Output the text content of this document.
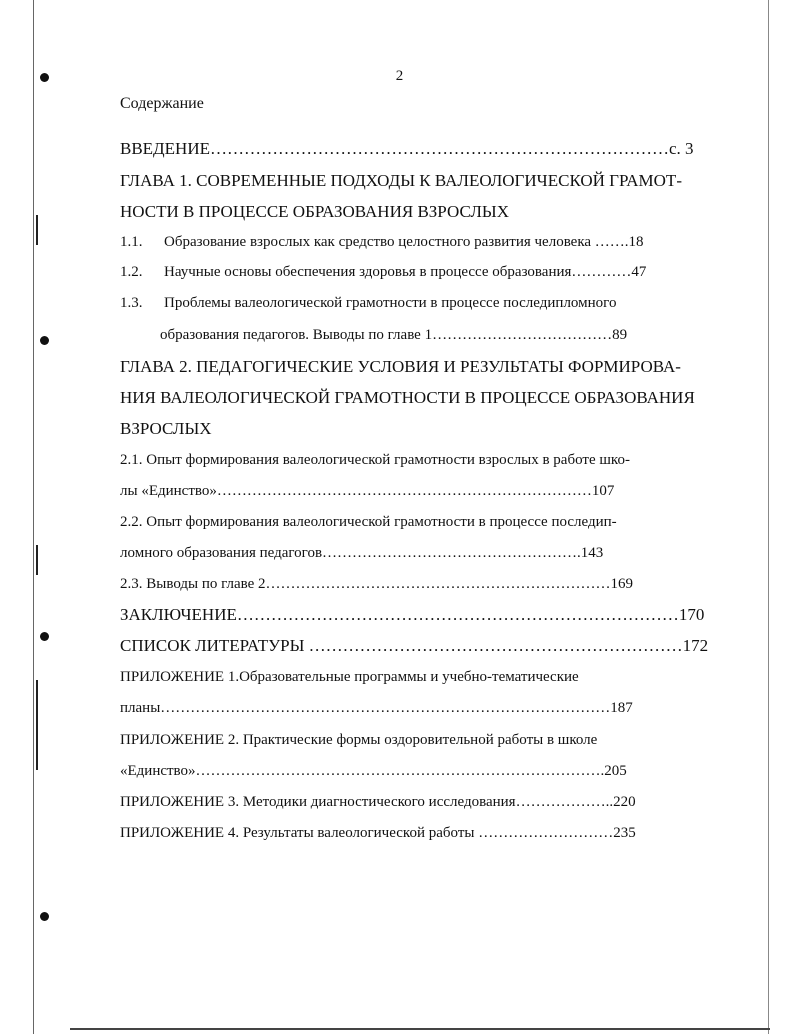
2
Содержание
ВВЕДЕНИЕ………………………………………………………………………с. 3
ГЛАВА 1. СОВРЕМЕННЫЕ ПОДХОДЫ К ВАЛЕОЛОГИЧЕСКОЙ ГРАМОТ-
НОСТИ В ПРОЦЕССЕ ОБРАЗОВАНИЯ ВЗРОСЛЫХ
1.1. Образование взрослых как средство целостного развития человека …….18
1.2. Научные основы обеспечения здоровья в процессе образования…………47
1.3. Проблемы валеологической грамотности в процессе последипломного
образования педагогов. Выводы по главе 1………………………………89
ГЛАВА 2. ПЕДАГОГИЧЕСКИЕ УСЛОВИЯ И РЕЗУЛЬТАТЫ ФОРМИРОВА-
НИЯ ВАЛЕОЛОГИЧЕСКОЙ ГРАМОТНОСТИ В ПРОЦЕССЕ ОБРАЗОВАНИЯ
ВЗРОСЛЫХ
2.1. Опыт формирования валеологической грамотности взрослых в работе шко-
лы «Единство»…………………………………………………………………107
2.2. Опыт формирования валеологической грамотности в процессе последип-
ломного образования педагогов…………………………………………….143
2.3. Выводы по главе 2……………………………………………………………169
ЗАКЛЮЧЕНИЕ……………………………………………………………………170
СПИСОК ЛИТЕРАТУРЫ …………………………………………………………172
ПРИЛОЖЕНИЕ 1.Образовательные программы и учебно-тематические
планы………………………………………………………………………………187
ПРИЛОЖЕНИЕ 2. Практические формы оздоровительной работы в школе
«Единство»……………………………………………………………………….205
ПРИЛОЖЕНИЕ 3. Методики диагностического исследования………………..220
ПРИЛОЖЕНИЕ 4. Результаты валеологической работы ………………………235
